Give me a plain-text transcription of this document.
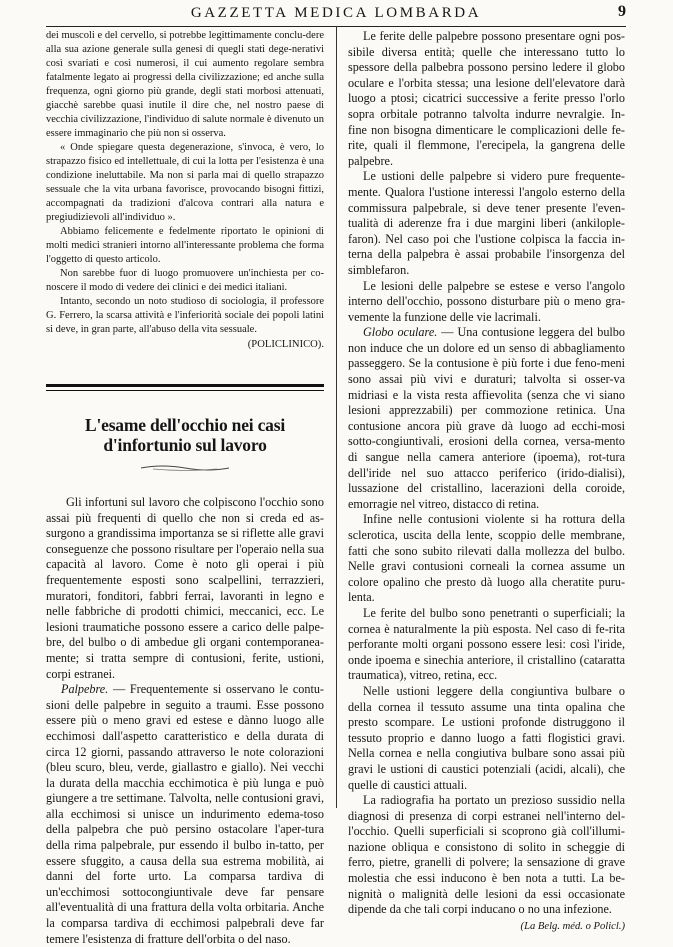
GAZZETTA MEDICA LOMBARDA	9

dei muscoli e del cervello, si potrebbe legittimamente conclu-dere alla sua azione generale sulla genesi di quegli stati dege-nerativi così svariati e così numerosi, il cui aumento regolare sembra fatalmente legato ai progressi della civilizzazione; ed anche sulla frequenza, ogni giorno più grande, degli stati morbosi attenuati, giacchè sarebbe quasi inutile il dire che, nel nostro paese di vecchia civilizzazione, l'individuo di salute normale è divenuto un essere immaginario che più non si osserva.

« Onde spiegare questa degenerazione, s'invoca, è vero, lo strapazzo fisico ed intellettuale, di cui la lotta per l'esistenza è una condizione ineluttabile. Ma non si parla mai di quello strapazzo sessuale che la vita urbana favorisce, provocando bisogni fittizi, accompagnati da tradizioni d'alcova contrari alla natura e pregiudizievoli all'individuo ».

Abbiamo felicemente e fedelmente riportato le opinioni di molti medici stranieri intorno all'interessante problema che forma l'oggetto di questo articolo.

Non sarebbe fuor di luogo promuovere un'inchiesta per co-noscere il modo di vedere dei clinici e dei medici italiani.

Intanto, secondo un noto studioso di sociologia, il professore G. Ferrero, la scarsa attività e l'inferiorità sociale dei popoli latini si deve, in gran parte, all'abuso della vita sessuale.

(POLICLINICO).

L'esame dell'occhio nei casi d'infortunio sul lavoro

Gli infortuni sul lavoro che colpiscono l'occhio sono assai più frequenti di quello che non si creda ed as-surgono a grandissima importanza se si riflette alle gravi conseguenze che possono risultare per l'operaio nella sua capacità al lavoro. Come è noto gli operai i più frequentemente esposti sono scalpellini, terrazzieri, muratori, fonditori, fabbri ferrai, lavoranti in legno e nelle fabbriche di prodotti chimici, meccanici, ecc. Le lesioni traumatiche possono essere a carico delle palpe-bre, del bulbo o di ambedue gli organi contemporanea-mente; si tratta sempre di contusioni, ferite, ustioni, corpi estranei.

Palpebre. — Frequentemente si osservano le contu-sioni delle palpebre in seguito a traumi. Esse possono essere più o meno gravi ed estese e dànno luogo alle ecchimosi dall'aspetto caratteristico e della durata di circa 12 giorni, passando attraverso le note colorazioni (bleu scuro, bleu, verde, giallastro e giallo). Nei vecchi la durata della macchia ecchimotica è più lunga e può giungere a tre settimane. Talvolta, nelle contusioni gravi, alla ecchimosi si unisce un indurimento edema-toso della palpebra che può persino ostacolare l'aper-tura della rima palpebrale, pur essendo il bulbo in-tatto, per essere sfuggito, a causa della sua estrema mobilità, ai danni del forte urto. La comparsa tardiva di un'ecchimosi sottocongiuntivale deve far pensare all'eventualità di una frattura della volta orbitaria. Anche la comparsa tardiva di ecchimosi palpebrali deve far temere l'esistenza di fratture dell'orbita o del naso.

Le ferite delle palpebre possono presentare ogni pos-sibile diversa entità; quelle che interessano tutto lo spessore della palbebra possono persino ledere il globo oculare e l'orbita stessa; una lesione dell'elevatore darà luogo a ptosi; cicatrici successive a ferite presso l'orlo sopra orbitale potranno talvolta indurre nevralgie. In-fine non bisogna dimenticare le complicazioni delle fe-rite, quali il flemmone, l'erecipela, la gangrena delle palpebre.

Le ustioni delle palpebre si videro pure frequente-mente. Qualora l'ustione interessi l'angolo esterno della commissura palpebrale, si deve tener presente l'even-tualità di aderenze fra i due margini liberi (ankilople-faron). Nel caso poi che l'ustione colpisca la faccia in-terna della palpebra è assai probabile l'insorgenza del simblefaron.

Le lesioni delle palpebre se estese e verso l'angolo interno dell'occhio, possono disturbare più o meno gra-vemente la funzione delle vie lacrimali.

Globo oculare. — Una contusione leggera del bulbo non induce che un dolore ed un senso di abbagliamento passeggero. Se la contusione è più forte i due feno-meni sono assai più vivi e duraturi; talvolta si osser-va midriasi e la vista resta affievolita (senza che vi siano lesioni apprezzabili) per commozione retinica. Una contusione ancora più grave dà luogo ad ecchi-mosi sotto-congiuntivali, erosioni della cornea, versa-mento di sangue nella camera anteriore (ipoema), rot-tura dell'iride nel suo attacco periferico (irido-dialisi), lussazione del cristallino, lacerazioni della coroide, emorragie nel vitreo, distacco di retina.

Infine nelle contusioni violente si ha rottura della sclerotica, uscita della lente, scoppio delle membrane, fatti che sono subito rilevati dalla mollezza del bulbo. Nelle gravi contusioni corneali la cornea assume un colore opalino che presto dà luogo alla cheratite puru-lenta.

Le ferite del bulbo sono penetranti o superficiali; la cornea è naturalmente la più esposta. Nel caso di fe-rita perforante molti organi possono essere lesi: così l'iride, onde ipoema e sinechia anteriore, il cristallino (cataratta traumatica), vitreo, retina, ecc.

Nelle ustioni leggere della congiuntiva bulbare o della cornea il tessuto assume una tinta opalina che presto scompare. Le ustioni profonde distruggono il tessuto proprio e danno luogo a fatti flogistici gravi. Nella cornea e nella congiutiva bulbare sono assai più gravi le ustioni di caustici potenziali (acidi, alcali), che quelle di caustici attuali.

La radiografia ha portato un prezioso sussidio nella diagnosi di presenza di corpi estranei nell'interno del-l'occhio. Quelli superficiali si scoprono già coll'illumi-nazione obliqua e consistono di solito in scheggie di ferro, pietre, granelli di polvere; la sensazione di grave molestia che essi inducono è ben nota a tutti. La be-nignità o malignità delle lesioni da essi occasionate dipende da che tali corpi inducano o no una infezione.

(La Belg. méd. o Policl.)
